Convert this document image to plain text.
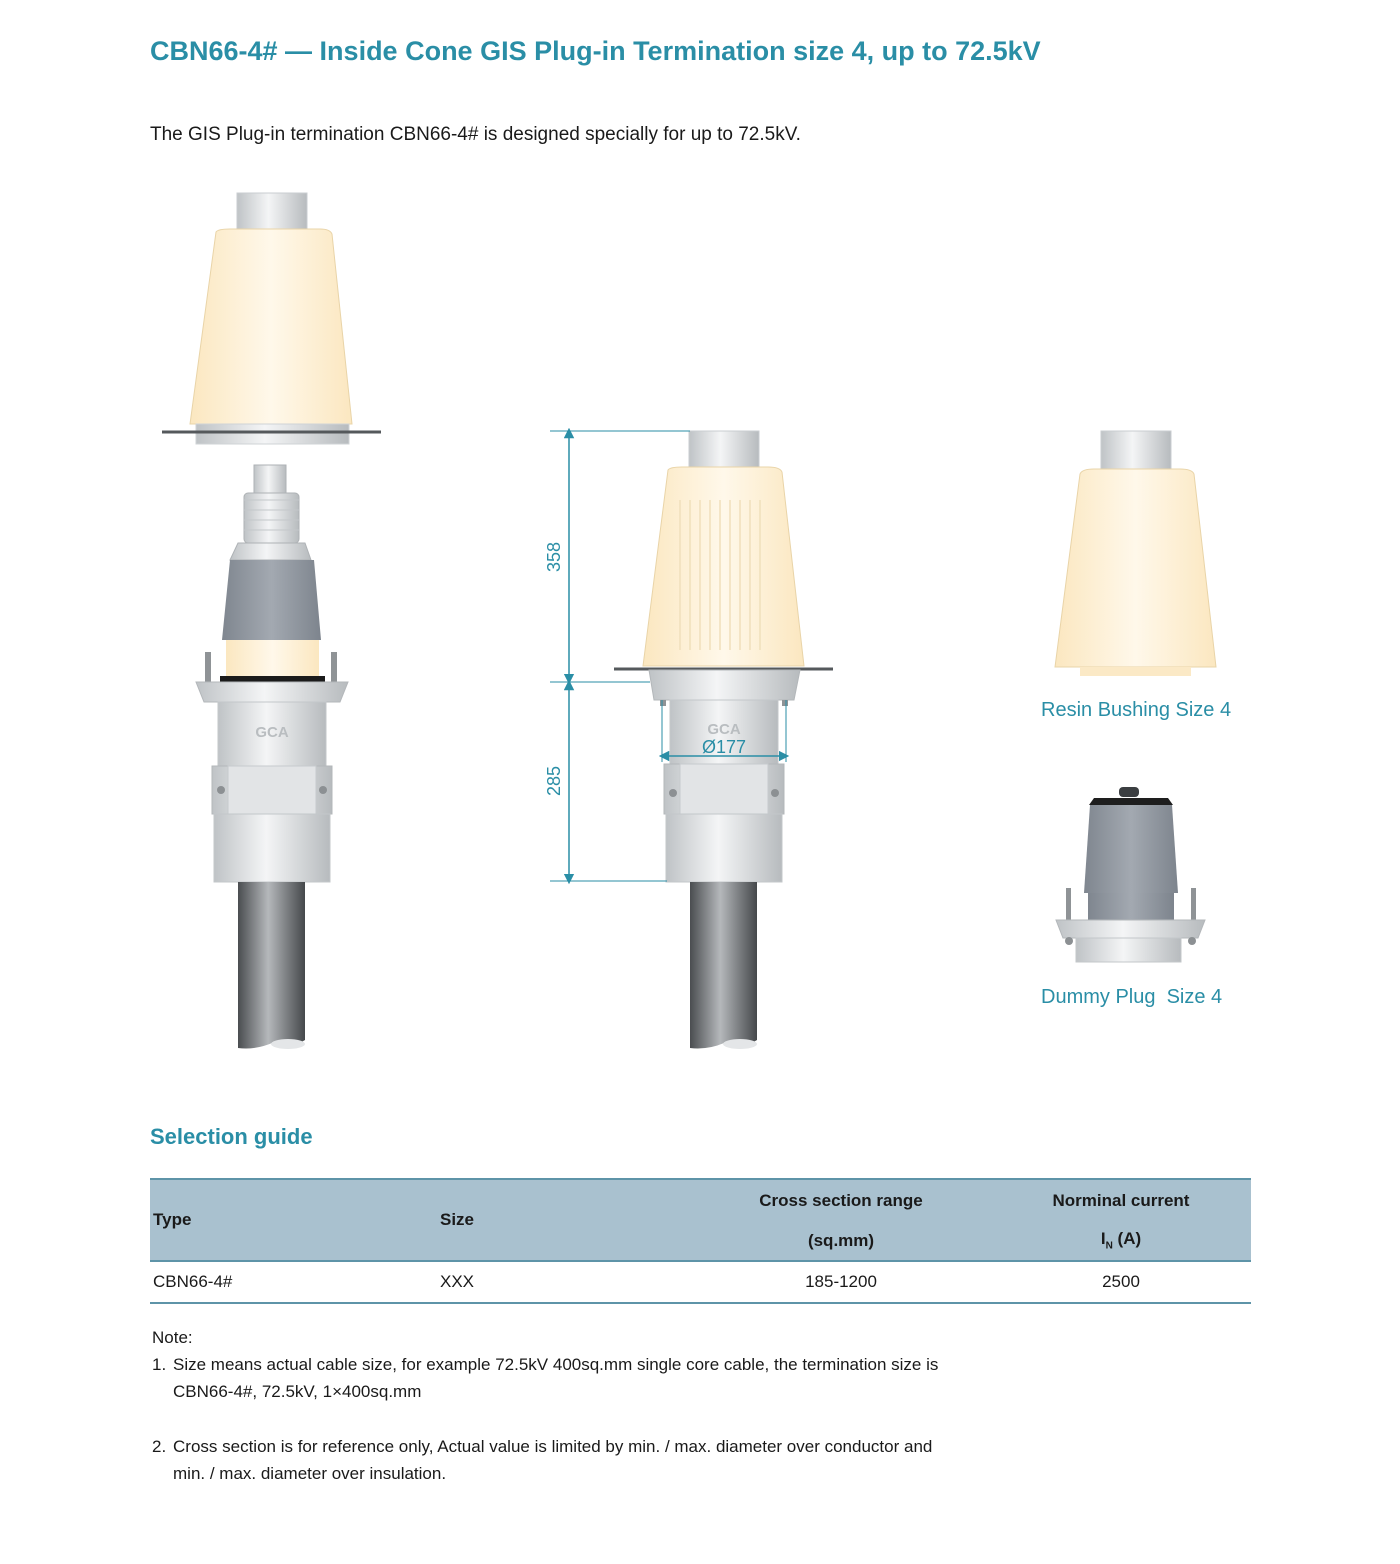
CBN66-4# — Inside Cone GIS Plug-in Termination size 4, up to 72.5kV
The GIS Plug-in termination CBN66-4# is designed specially for up to 72.5kV.
GCA	GCA
358
285
Ø177
Resin Bushing Size 4
Dummy Plug  Size 4
Selection guide
Type	Size	Cross section range	Norminal current
		(sq.mm)	$I_N$ (A)
CBN66-4#	XXX	185-1200	2500
Note:
1. Size means actual cable size, for example 72.5kV 400sq.mm single core cable, the termination size is
CBN66-4#, 72.5kV, 1×400sq.mm
2. Cross section is for reference only, Actual value is limited by min. / max. diameter over conductor and
min. / max. diameter over insulation.
